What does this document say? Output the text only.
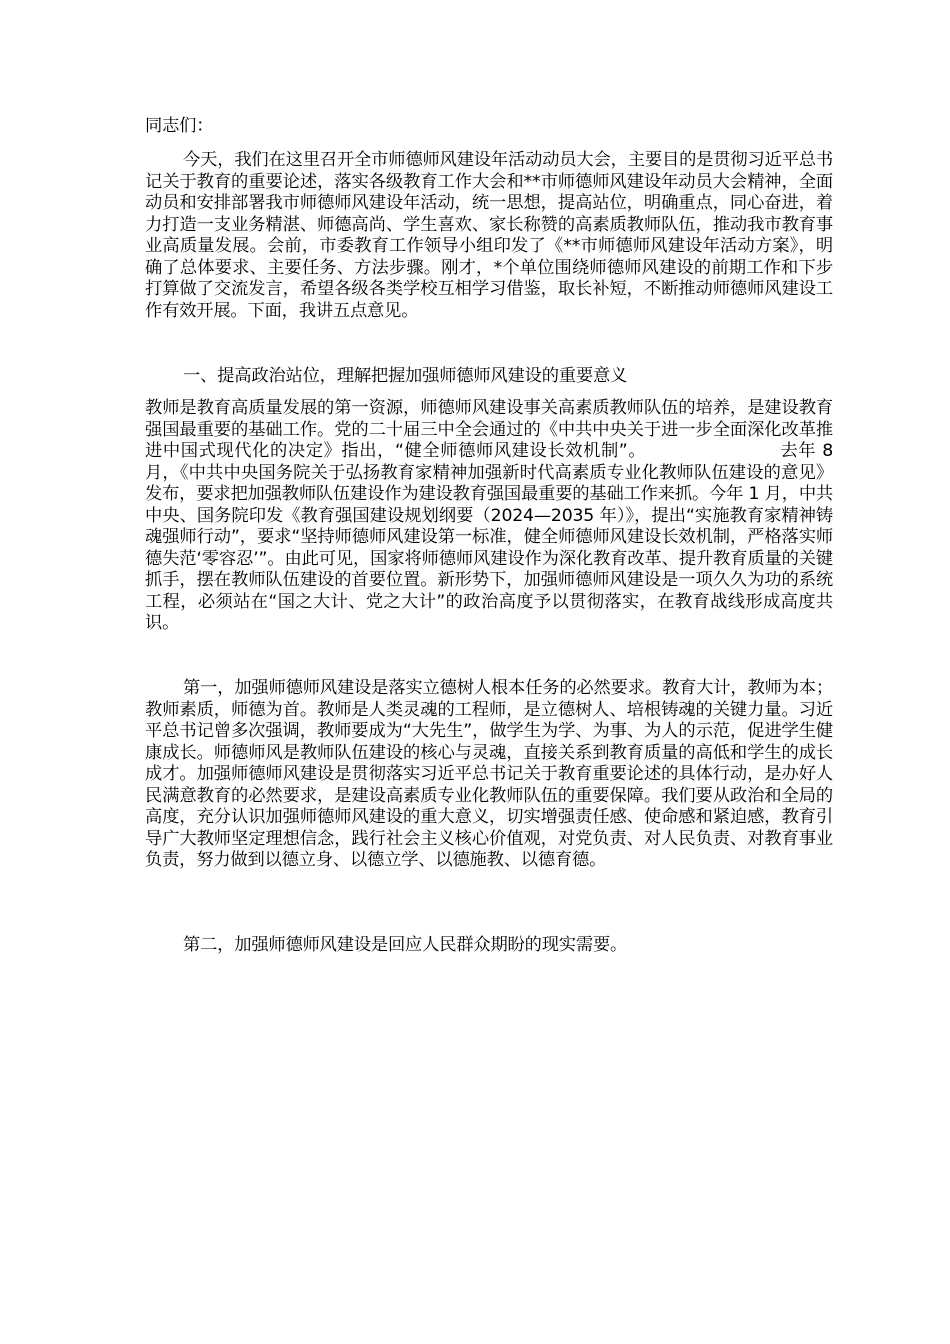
同志们：

今天，我们在这里召开全市师德师风建设年活动动员大会，主要目的是贯彻习近平总书记关于教育的重要论述，落实各级教育工作大会和**市师德师风建设年动员大会精神，全面动员和安排部署我市师德师风建设年活动，统一思想，提高站位，明确重点，同心奋进，着力打造一支业务精湛、师德高尚、学生喜欢、家长称赞的高素质教师队伍，推动我市教育事业高质量发展。会前，市委教育工作领导小组印发了《**市师德师风建设年活动方案》，明确了总体要求、主要任务、方法步骤。刚才，*个单位围绕师德师风建设的前期工作和下步打算做了交流发言，希望各级各类学校互相学习借鉴，取长补短，不断推动师德师风建设工作有效开展。下面，我讲五点意见。

一、提高政治站位，理解把握加强师德师风建设的重要意义

教师是教育高质量发展的第一资源，师德师风建设事关高素质教师队伍的培养，是建设教育强国最重要的基础工作。党的二十届三中全会通过的《中共中央关于进一步全面深化改革推进中国式现代化的决定》指出，“健全师德师风建设长效机制”。　　　　　　　　去年 8 月，《中共中央国务院关于弘扬教育家精神加强新时代高素质专业化教师队伍建设的意见》发布，要求把加强教师队伍建设作为建设教育强国最重要的基础工作来抓。今年 1 月，中共中央、国务院印发《教育强国建设规划纲要（2024—2035 年）》，提出“实施教育家精神铸魂强师行动”，要求“坚持师德师风建设第一标准，健全师德师风建设长效机制，严格落实师德失范‘零容忍’”。由此可见，国家将师德师风建设作为深化教育改革、提升教育质量的关键抓手，摆在教师队伍建设的首要位置。新形势下，加强师德师风建设是一项久久为功的系统工程，必须站在“国之大计、党之大计”的政治高度予以贯彻落实，在教育战线形成高度共识。

第一，加强师德师风建设是落实立德树人根本任务的必然要求。教育大计，教师为本；教师素质，师德为首。教师是人类灵魂的工程师，是立德树人、培根铸魂的关键力量。习近平总书记曾多次强调，教师要成为“大先生”，做学生为学、为事、为人的示范，促进学生健康成长。师德师风是教师队伍建设的核心与灵魂，直接关系到教育质量的高低和学生的成长成才。加强师德师风建设是贯彻落实习近平总书记关于教育重要论述的具体行动，是办好人民满意教育的必然要求，是建设高素质专业化教师队伍的重要保障。我们要从政治和全局的高度，充分认识加强师德师风建设的重大意义，切实增强责任感、使命感和紧迫感，教育引导广大教师坚定理想信念，践行社会主义核心价值观，对党负责、对人民负责、对教育事业负责，努力做到以德立身、以德立学、以德施教、以德育德。

第二，加强师德师风建设是回应人民群众期盼的现实需要。
